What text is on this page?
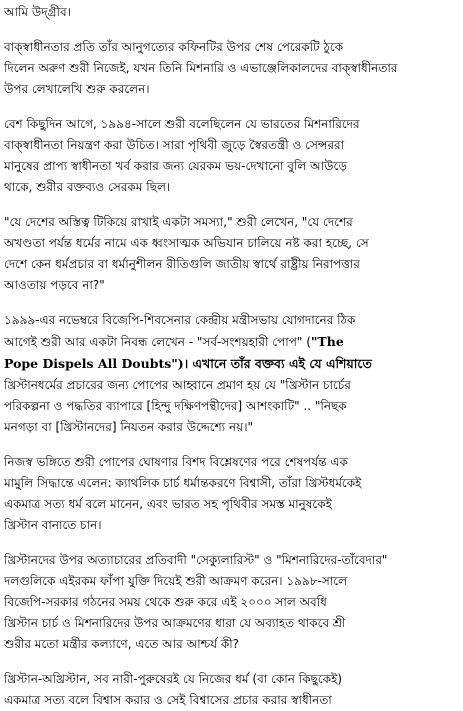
আমি উদ্গ্রীব।

বাক্‌স্বাধীনতার প্রতি তাঁর আনুগত্যের কফিনটির উপর শেষ পেরেকটি ঠুকে
দিলেন অরুণ শুরী নিজেই, যখন তিনি মিশনারি ও এভাঞ্জেলিকালদের বাক্‌স্বাধীনতার
উপর লেখালেখি শুরু করলেন।

বেশ কিছুদিন আগে, ১৯৯৪-সালে শুরী বলেছিলেন যে ভারতের মিশনারিদের
বাক্‌স্বাধীনতা নিয়ন্ত্রণ করা উচিত। সারা পৃথিবী জুড়ে স্বৈরতন্ত্রী ও সেন্সররা
মানুষের প্রাপ্য স্বাধীনতা খর্ব করার জন্য যেরকম ভয়-দেখানো বুলি আউড়ে
থাকে, শুরীর বক্তব্যও সেরকম ছিল।

"যে দেশের অস্তিত্ব টিকিয়ে রাখাই একটা সমস্যা," শুরী লেখেন, "যে দেশের
অখণ্ডতা পর্যন্ত ধর্মের নামে এক ধ্বংসাত্মক অভিযান চালিয়ে নষ্ট করা হচ্ছে, সে
দেশে কেন ধর্মপ্রচার বা ধর্মানুশীলন রীতিগুলি জাতীয় স্বার্থে রাষ্ট্রীয় নিরাপত্তার
আওতায় পড়বে না?"

১৯৯৯-এর নভেম্বরে বিজেপি-শিবসেনার কেন্দ্রীয় মন্ত্রীসভায় যোগদানের ঠিক
আগেই শুরী আর একটা নিবন্ধ লেখেন - "সর্ব-সংশয়হারী পোপ" ("The
Pope Dispels All Doubts")। এখানে তাঁর বক্তব্য এই যে এশিয়াতে
খ্রিস্টানধর্মের প্রচারের জন্য পোপের আহ্বানে প্রমাণ হয় যে "খ্রিস্টান চার্চের
পরিকল্পনা ও পদ্ধতির ব্যাপারে [হিন্দু দক্ষিণপন্থীদের] আশংকাটি" .. "নিছক
মনগড়া বা [খ্রিস্টানদের] নিযতন করার উদ্দেশ্যে নয়।"

নিজস্ব ভঙ্গিতে শুরী পোপের ঘোষণার বিশদ বিশ্লেষণের পরে শেষপর্যন্ত এক
মামুলি সিদ্ধান্তে এলেন: ক্যাথলিক চার্চ ধর্মান্তকরণে বিশ্বাসী, তাঁরা খ্রিস্টধর্মকেই
একমাত্র সত্য ধর্ম বলে মানেন, এবং ভারত সহ পৃথিবীর সমস্ত মানুষকেই
খ্রিস্টান বানাতে চান।

খ্রিস্টানদের উপর অত্যাচারের প্রতিবাদী "সেক্যুলারিস্ট" ও "মিশনারিদের-তাঁবেদার"
দলগুলিকে এইরকম ফাঁপা যুক্তি দিয়েই শুরী আক্রমণ করেন। ১৯৯৮-সালে
বিজেপি-সরকার গঠনের সময় থেকে শুরু করে এই ২০০০ সাল অবধি
খ্রিস্টান চার্চ ও মিশনারিদের উপর আক্রমণের ধারা যে অব্যাহত থাকবে শ্রী
শুরীর মতো মন্ত্রীর কল্যাণে, এতে আর আশ্চর্য কী?

খ্রিস্টান-অখ্রিস্টান, সব নারী-পুরুষেরই যে নিজের ধর্ম (বা কোন কিছুকেই)
একমাত্র সত্য বলে বিশ্বাস করার ও সেই বিশ্বাসের প্রচার করার স্বাধীনতা
